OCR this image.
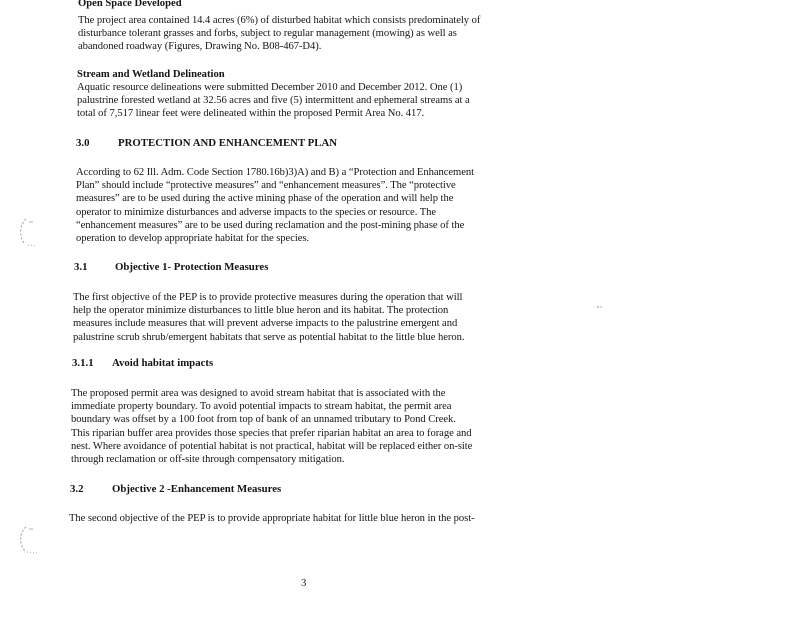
Open Space Developed
The project area contained 14.4 acres (6%) of disturbed habitat which consists predominately of
disturbance tolerant grasses and forbs, subject to regular management (mowing) as well as
abandoned roadway (Figures, Drawing No. B08-467-D4).
Stream and Wetland Delineation
Aquatic resource delineations were submitted December 2010 and December 2012. One (1)
palustrine forested wetland at 32.56 acres and five (5) intermittent and ephemeral streams at a
total of 7,517 linear feet were delineated within the proposed Permit Area No. 417.
3.0	PROTECTION AND ENHANCEMENT PLAN
According to 62 Ill. Adm. Code Section 1780.16b)3)A) and B) a “Protection and Enhancement
Plan” should include “protective measures” and “enhancement measures”. The “protective
measures” are to be used during the active mining phase of the operation and will help the
operator to minimize disturbances and adverse impacts to the species or resource. The
“enhancement measures” are to be used during reclamation and the post-mining phase of the
operation to develop appropriate habitat for the species.
3.1	Objective 1- Protection Measures
The first objective of the PEP is to provide protective measures during the operation that will
help the operator minimize disturbances to little blue heron and its habitat. The protection
measures include measures that will prevent adverse impacts to the palustrine emergent and
palustrine scrub shrub/emergent habitats that serve as potential habitat to the little blue heron.
3.1.1 Avoid habitat impacts
The proposed permit area was designed to avoid stream habitat that is associated with the
immediate property boundary. To avoid potential impacts to stream habitat, the permit area
boundary was offset by a 100 foot from top of bank of an unnamed tributary to Pond Creek.
This riparian buffer area provides those species that prefer riparian habitat an area to forage and
nest. Where avoidance of potential habitat is not practical, habitat will be replaced either on-site
through reclamation or off-site through compensatory mitigation.
3.2	Objective 2 -Enhancement Measures
The second objective of the PEP is to provide appropriate habitat for little blue heron in the post-

3
